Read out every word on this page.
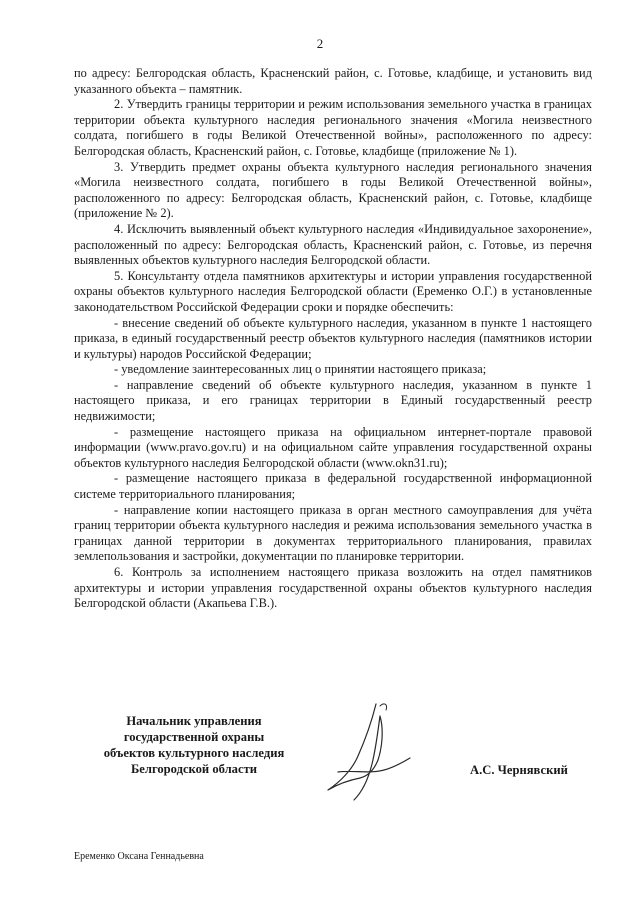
2

по адресу: Белгородская область, Красненский район, с. Готовье, кладбище, и установить вид указанного объекта – памятник.

2. Утвердить границы территории и режим использования земельного участка в границах территории объекта культурного наследия регионального значения «Могила неизвестного солдата, погибшего в годы Великой Отечественной войны», расположенного по адресу: Белгородская область, Красненский район, с. Готовье, кладбище (приложение № 1).

3. Утвердить предмет охраны объекта культурного наследия регионального значения «Могила неизвестного солдата, погибшего в годы Великой Отечественной войны», расположенного по адресу: Белгородская область, Красненский район, с. Готовье, кладбище (приложение № 2).

4. Исключить выявленный объект культурного наследия «Индивидуальное захоронение», расположенный по адресу: Белгородская область, Красненский район, с. Готовье, из перечня выявленных объектов культурного наследия Белгородской области.

5. Консультанту отдела памятников архитектуры и истории управления государственной охраны объектов культурного наследия Белгородской области (Еременко О.Г.) в установленные законодательством Российской Федерации сроки и порядке обеспечить:

- внесение сведений об объекте культурного наследия, указанном в пункте 1 настоящего приказа, в единый государственный реестр объектов культурного наследия (памятников истории и культуры) народов Российской Федерации;

- уведомление заинтересованных лиц о принятии настоящего приказа;

- направление сведений об объекте культурного наследия, указанном в пункте 1 настоящего приказа, и его границах территории в Единый государственный реестр недвижимости;

- размещение настоящего приказа на официальном интернет-портале правовой информации (www.pravo.gov.ru) и на официальном сайте управления государственной охраны объектов культурного наследия Белгородской области (www.okn31.ru);

- размещение настоящего приказа в федеральной государственной информационной системе территориального планирования;

- направление копии настоящего приказа в орган местного самоуправления для учёта границ территории объекта культурного наследия и режима использования земельного участка в границах данной территории в документах территориального планирования, правилах землепользования и застройки, документации по планировке территории.

6. Контроль за исполнением настоящего приказа возложить на отдел памятников архитектуры и истории управления государственной охраны объектов культурного наследия Белгородской области (Акапьева Г.В.).

Начальник управления
государственной охраны
объектов культурного наследия
Белгородской области	А.С. Чернявский
Еременко Оксана Геннадьевна
